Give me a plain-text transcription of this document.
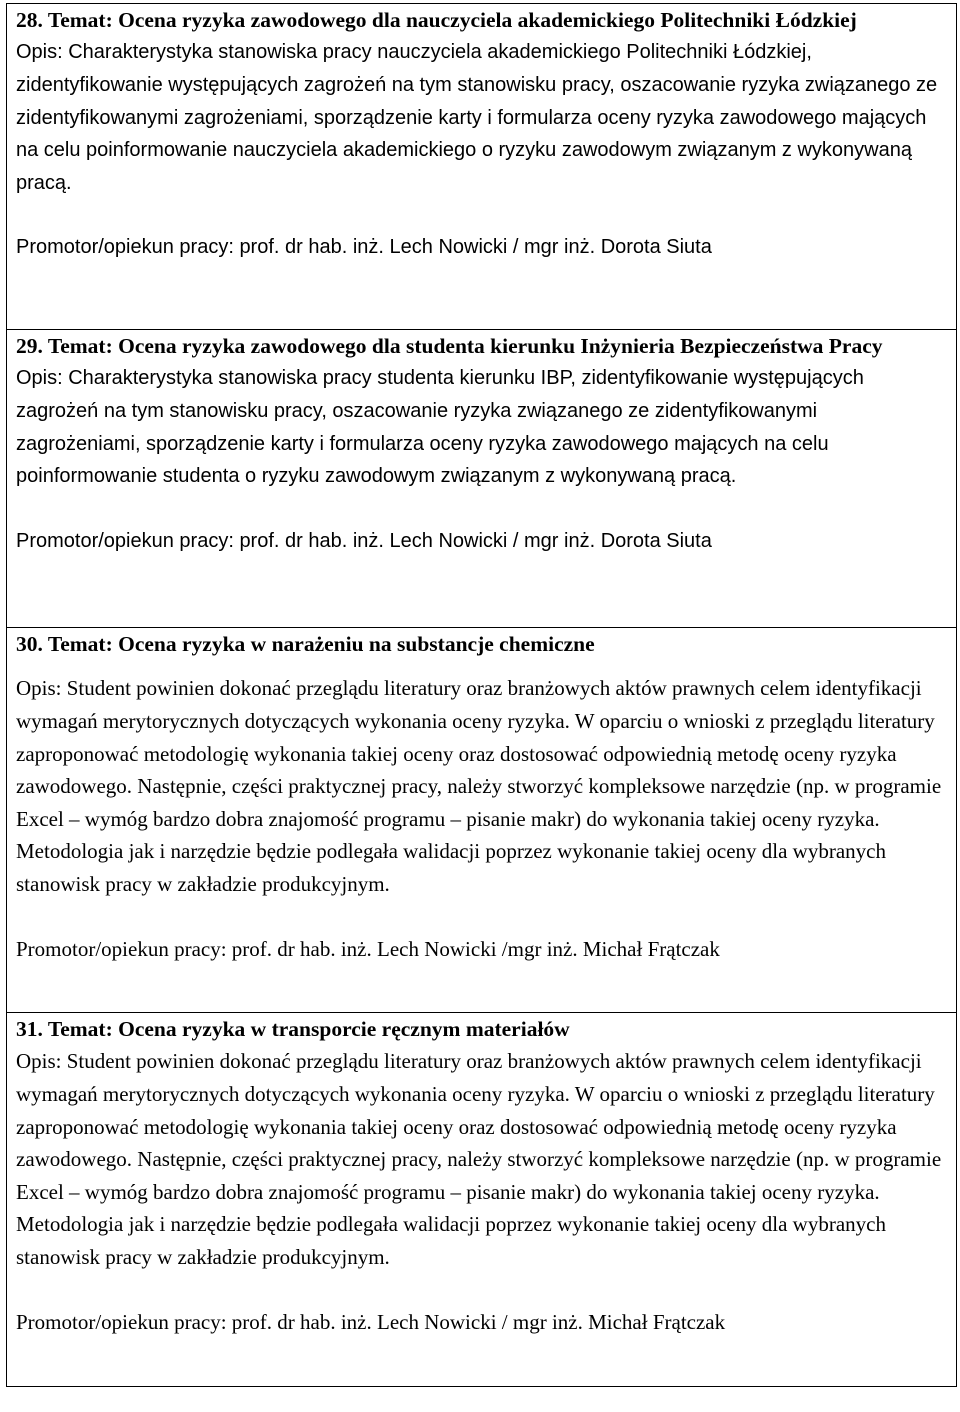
28. Temat: Ocena ryzyka zawodowego dla nauczyciela akademickiego Politechniki Łódzkiej

Opis: Charakterystyka stanowiska pracy nauczyciela akademickiego Politechniki Łódzkiej, zidentyfikowanie występujących zagrożeń na tym stanowisku pracy, oszacowanie ryzyka związanego ze zidentyfikowanymi zagrożeniami, sporządzenie karty i formularza oceny ryzyka zawodowego mających na celu poinformowanie nauczyciela akademickiego o ryzyku zawodowym związanym z wykonywaną pracą.

Promotor/opiekun pracy: prof. dr hab. inż. Lech Nowicki / mgr inż. Dorota Siuta

29. Temat: Ocena ryzyka zawodowego dla studenta kierunku Inżynieria Bezpieczeństwa Pracy

Opis: Charakterystyka stanowiska pracy studenta kierunku IBP, zidentyfikowanie występujących zagrożeń na tym stanowisku pracy, oszacowanie ryzyka związanego ze zidentyfikowanymi zagrożeniami, sporządzenie karty i formularza oceny ryzyka zawodowego mających na celu poinformowanie studenta o ryzyku zawodowym związanym z wykonywaną pracą.

Promotor/opiekun pracy: prof. dr hab. inż. Lech Nowicki / mgr inż. Dorota Siuta

30. Temat: Ocena ryzyka w narażeniu na substancje chemiczne

Opis: Student powinien dokonać przeglądu literatury oraz branżowych aktów prawnych celem identyfikacji wymagań merytorycznych dotyczących wykonania oceny ryzyka. W oparciu o wnioski z przeglądu literatury zaproponować metodologię wykonania takiej oceny oraz dostosować odpowiednią metodę oceny ryzyka zawodowego. Następnie, części praktycznej pracy, należy stworzyć kompleksowe narzędzie (np. w programie Excel – wymóg bardzo dobra znajomość programu – pisanie makr) do wykonania takiej oceny ryzyka. Metodologia jak i narzędzie będzie podlegała walidacji poprzez wykonanie takiej oceny dla wybranych stanowisk pracy w zakładzie produkcyjnym.

Promotor/opiekun pracy: prof. dr hab. inż. Lech Nowicki /mgr inż. Michał Frątczak

31. Temat: Ocena ryzyka w transporcie ręcznym materiałów

Opis: Student powinien dokonać przeglądu literatury oraz branżowych aktów prawnych celem identyfikacji wymagań merytorycznych dotyczących wykonania oceny ryzyka. W oparciu o wnioski z przeglądu literatury zaproponować metodologię wykonania takiej oceny oraz dostosować odpowiednią metodę oceny ryzyka zawodowego. Następnie, części praktycznej pracy, należy stworzyć kompleksowe narzędzie (np. w programie Excel – wymóg bardzo dobra znajomość programu – pisanie makr) do wykonania takiej oceny ryzyka. Metodologia jak i narzędzie będzie podlegała walidacji poprzez wykonanie takiej oceny dla wybranych stanowisk pracy w zakładzie produkcyjnym.

Promotor/opiekun pracy: prof. dr hab. inż. Lech Nowicki / mgr inż. Michał Frątczak
